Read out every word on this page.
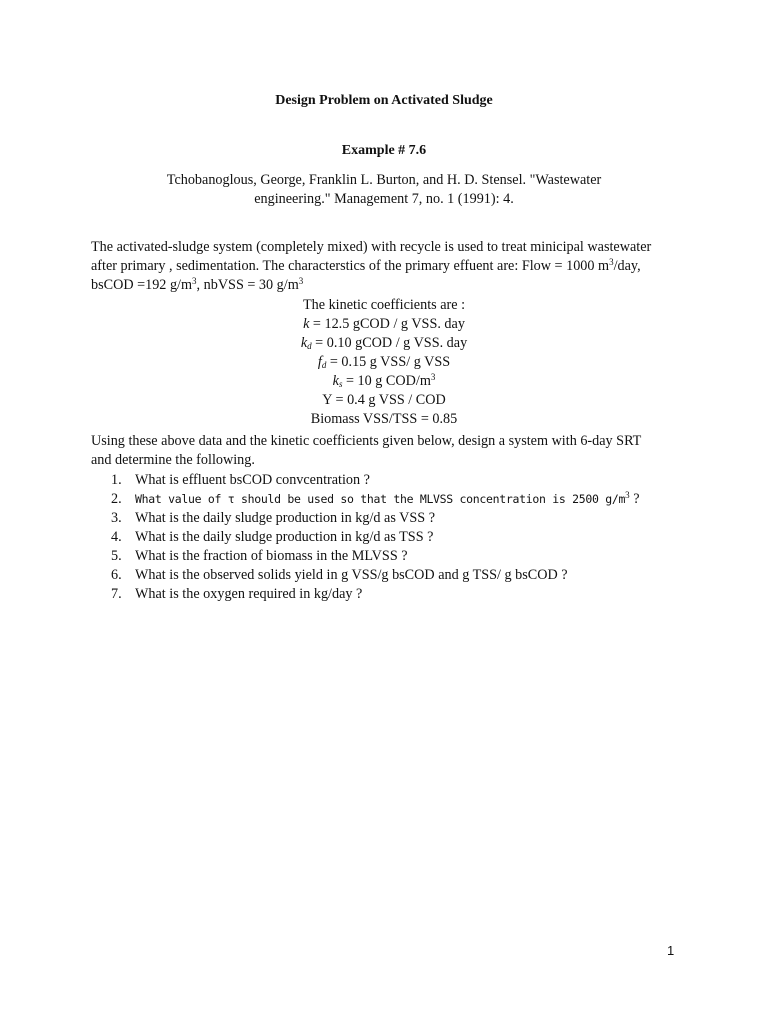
Design Problem on Activated Sludge
Example # 7.6
Tchobanoglous, George, Franklin L. Burton, and H. D. Stensel. "Wastewater
engineering." Management 7, no. 1 (1991): 4.
The activated-sludge system (completely mixed) with recycle is used to treat minicipal wastewater
after primary , sedimentation. The characterstics of the primary effuent are: Flow = 1000 $m^3$/day,
bsCOD =192 $g/m^3$, nbVSS = 30 $g/m^3$
The kinetic coefficients are :
k = 12.5 gCOD / g VSS. day
$k_d = 0.10$ gCOD / g VSS. day
$f_d = 0.15$ g VSS/ g VSS
$k_s = 10$ g COD/$m^3$
Y = 0.4 g VSS / COD
Biomass VSS/TSS = 0.85
Using these above data and the kinetic coefficients given below, design a system with 6-day SRT
and determine the following.
1. What is effluent bsCOD convcentration ?
2. What value of τ should be used so that the MLVSS concentration is 2500 $g/m^3$ ?
3. What is the daily sludge production in kg/d as VSS ?
4. What is the daily sludge production in kg/d as TSS ?
5. What is the fraction of biomass in the MLVSS ?
6. What is the observed solids yield in g VSS/g bsCOD and g TSS/ g bsCOD ?
7. What is the oxygen required in kg/day ?
1
